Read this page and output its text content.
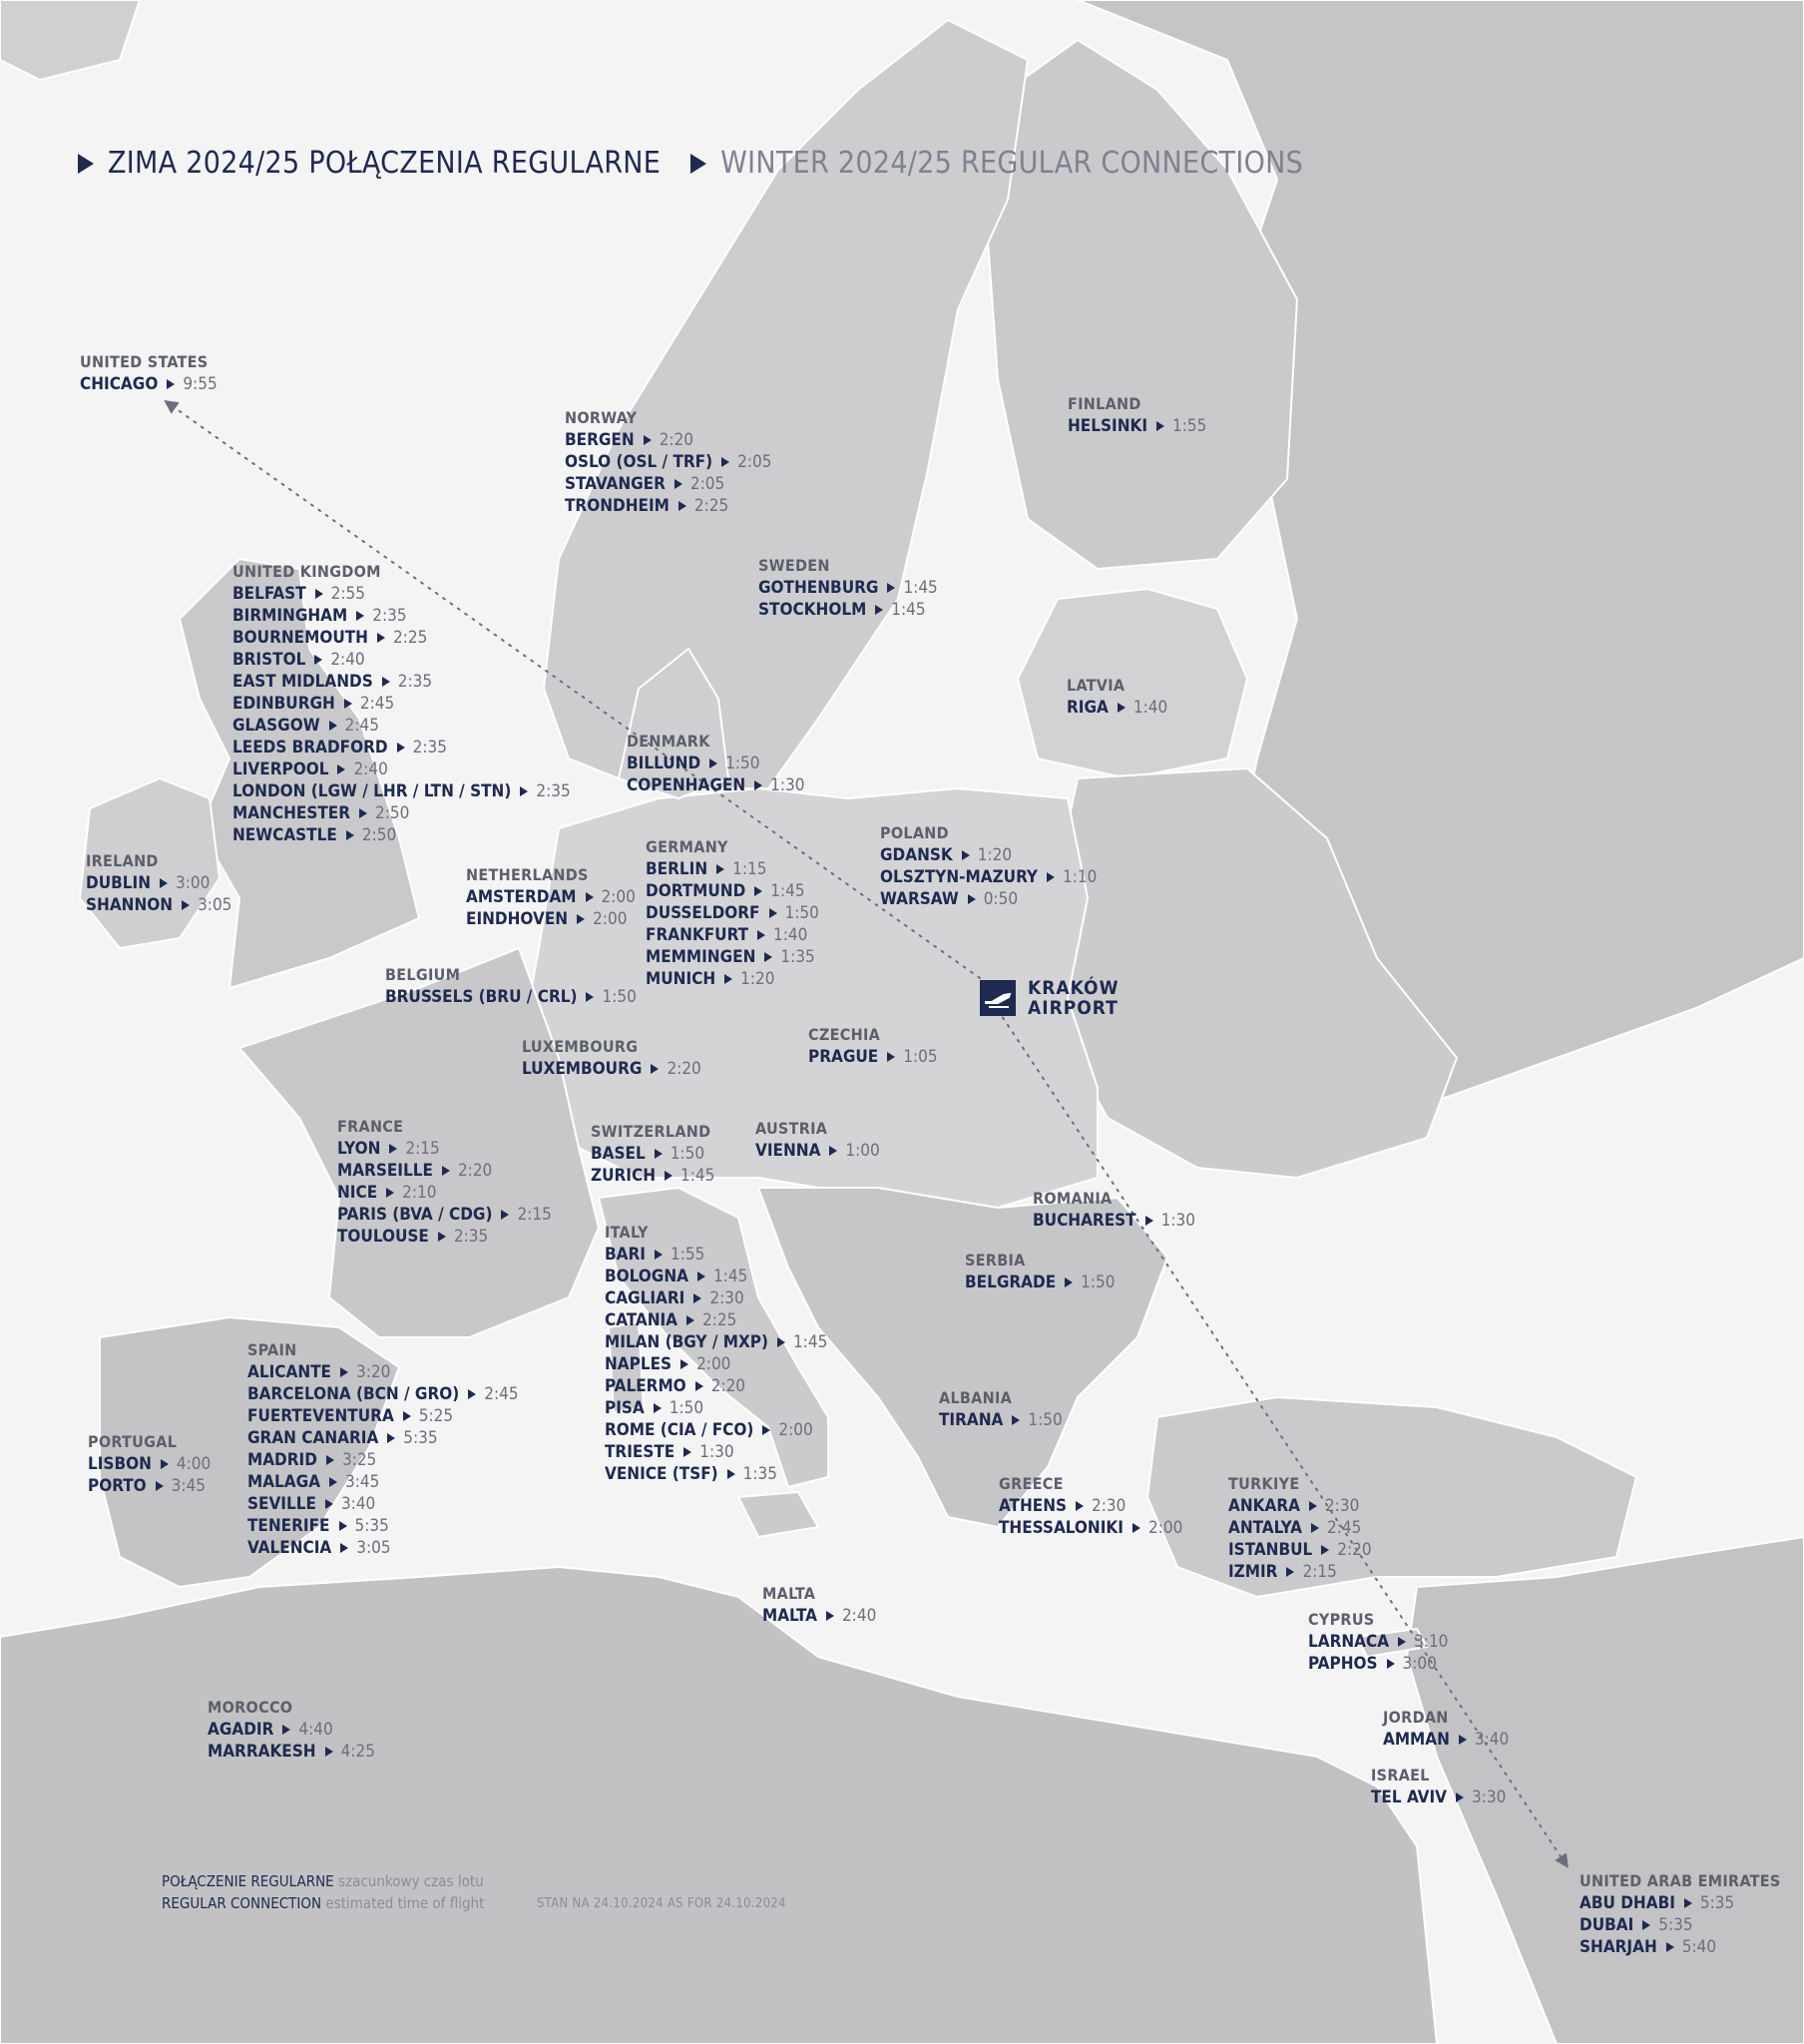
ZIMA 2024/25 POŁĄCZENIA REGULARNE WINTER 2024/25 REGULAR CONNECTIONS
KRAKÓW
AIRPORT
UNITED STATES
CHICAGO 9:55
UNITED KINGDOM
BELFAST 2:55
BIRMINGHAM 2:35
BOURNEMOUTH 2:25
BRISTOL 2:40
EAST MIDLANDS 2:35
EDINBURGH 2:45
GLASGOW 2:45
LEEDS BRADFORD 2:35
LIVERPOOL 2:40
LONDON (LGW / LHR / LTN / STN) 2:35
MANCHESTER 2:50
NEWCASTLE 2:50
IRELAND
DUBLIN 3:00
SHANNON 3:05
NORWAY
BERGEN 2:20
OSLO (OSL / TRF) 2:05
STAVANGER 2:05
TRONDHEIM 2:25
SWEDEN
GOTHENBURG 1:45
STOCKHOLM 1:45
FINLAND
HELSINKI 1:55
LATVIA
RIGA 1:40
DENMARK
BILLUND 1:50
COPENHAGEN 1:30
NETHERLANDS
AMSTERDAM 2:00
EINDHOVEN 2:00
GERMANY
BERLIN 1:15
DORTMUND 1:45
DUSSELDORF 1:50
FRANKFURT 1:40
MEMMINGEN 1:35
MUNICH 1:20
POLAND
GDANSK 1:20
OLSZTYN-MAZURY 1:10
WARSAW 0:50
BELGIUM
BRUSSELS (BRU / CRL) 1:50
LUXEMBOURG
LUXEMBOURG 2:20
CZECHIA
PRAGUE 1:05
FRANCE
LYON 2:15
MARSEILLE 2:20
NICE 2:10
PARIS (BVA / CDG) 2:15
TOULOUSE 2:35
SWITZERLAND
BASEL 1:50
ZURICH 1:45
AUSTRIA
VIENNA 1:00
ROMANIA
BUCHAREST 1:30
ITALY
BARI 1:55
BOLOGNA 1:45
CAGLIARI 2:30
CATANIA 2:25
MILAN (BGY / MXP) 1:45
NAPLES 2:00
PALERMO 2:20
PISA 1:50
ROME (CIA / FCO) 2:00
TRIESTE 1:30
VENICE (TSF) 1:35
SERBIA
BELGRADE 1:50
SPAIN
ALICANTE 3:20
BARCELONA (BCN / GRO) 2:45
FUERTEVENTURA 5:25
GRAN CANARIA 5:35
MADRID 3:25
MALAGA 3:45
SEVILLE 3:40
TENERIFE 5:35
VALENCIA 3:05
PORTUGAL
LISBON 4:00
PORTO 3:45
ALBANIA
TIRANA 1:50
GREECE
ATHENS 2:30
THESSALONIKI 2:00
TURKIYE
ANKARA 2:30
ANTALYA 2:45
ISTANBUL 2:20
IZMIR 2:15
MALTA
MALTA 2:40	CYPRUS
LARNACA 3:10
PAPHOS 3:00
MOROCCO
AGADIR 4:40
MARRAKESH 4:25
JORDAN
AMMAN 3:40
ISRAEL
TEL AVIV 3:30
UNITED ARAB EMIRATES
ABU DHABI 5:35
DUBAI 5:35
SHARJAH 5:40
POŁĄCZENIE REGULARNE szacunkowy czas lotu
REGULAR CONNECTION estimated time of flight	STAN NA 24.10.2024 AS FOR 24.10.2024
